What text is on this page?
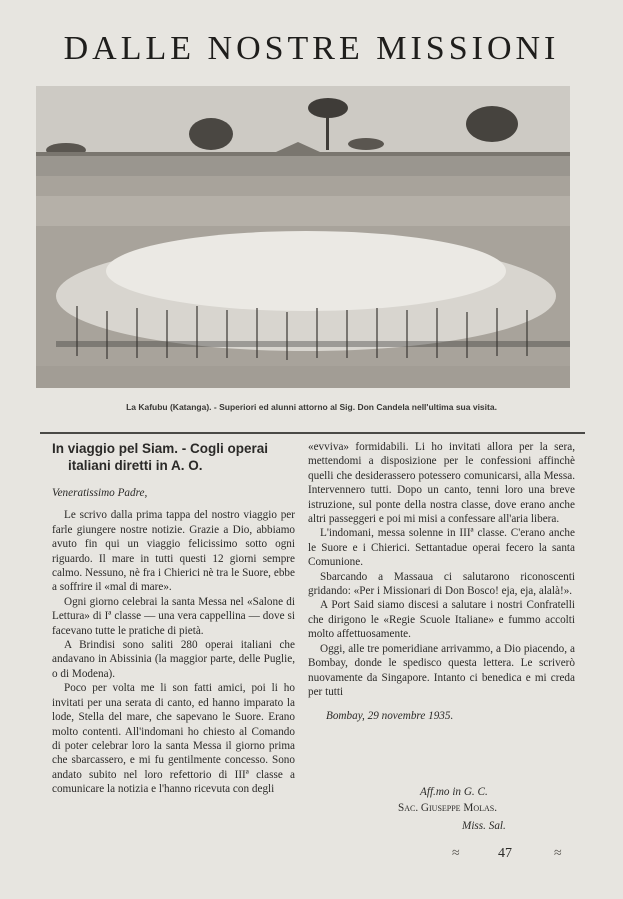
DALLE NOSTRE MISSIONI
La Kafubu (Katanga). - Superiori ed alunni attorno al Sig. Don Candela nell'ultima sua visita.
In viaggio pel Siam. - Cogli operai
italiani diretti in A. O.
Veneratissimo Padre,

Le scrivo dalla prima tappa del nostro viaggio per farle giungere nostre notizie. Grazie a Dio, abbiamo avuto fin qui un viaggio felicissimo sotto ogni riguardo. Il mare in tutti questi 12 giorni sempre calmo. Nessuno, nè fra i Chierici nè tra le Suore, ebbe a soffrire il «mal di mare».

Ogni giorno celebrai la santa Messa nel «Salone di Lettura» di Iª classe — una vera cappellina — dove si facevano tutte le pratiche di pietà.

A Brindisi sono saliti 280 operai italiani che andavano in Abissinia (la maggior parte, delle Puglie, o di Modena).

Poco per volta me li son fatti amici, poi li ho invitati per una serata di canto, ed hanno imparato la lode, Stella del mare, che sapevano le Suore. Erano molto contenti. All'indomani ho chiesto al Comando di poter celebrar loro la santa Messa il giorno prima che sbarcassero, e mi fu gentilmente concesso. Sono andato subito nel loro refettorio di IIIª classe a comunicare la notizia e l'hanno ricevuta con degli

«evviva» formidabili. Li ho invitati allora per la sera, mettendomi a disposizione per le confessioni affinchè quelli che desiderassero potessero comunicarsi, alla Messa. Intervennero tutti. Dopo un canto, tenni loro una breve istruzione, sul ponte della nostra classe, dove erano anche altri passeggeri e poi mi misi a confessare all'aria libera.

L'indomani, messa solenne in IIIª classe. C'erano anche le Suore e i Chierici. Settantadue operai fecero la santa Comunione.

Sbarcando a Massaua ci salutarono riconoscenti gridando: «Per i Missionari di Don Bosco! eja, eja, alalà!».

A Port Said siamo discesi a salutare i nostri Confratelli che dirigono le «Regie Scuole Italiane» e fummo accolti molto affettuosamente.

Oggi, alle tre pomeridiane arrivammo, a Dio piacendo, a Bombay, donde le spedisco questa lettera. Le scriverò nuovamente da Singapore. Intanto ci benedica e mi creda per tutti

Bombay, 29 novembre 1935.
Aff.mo in G. C.
Sac. Giuseppe Molas.
Miss. Sal.
≈	47	≈
